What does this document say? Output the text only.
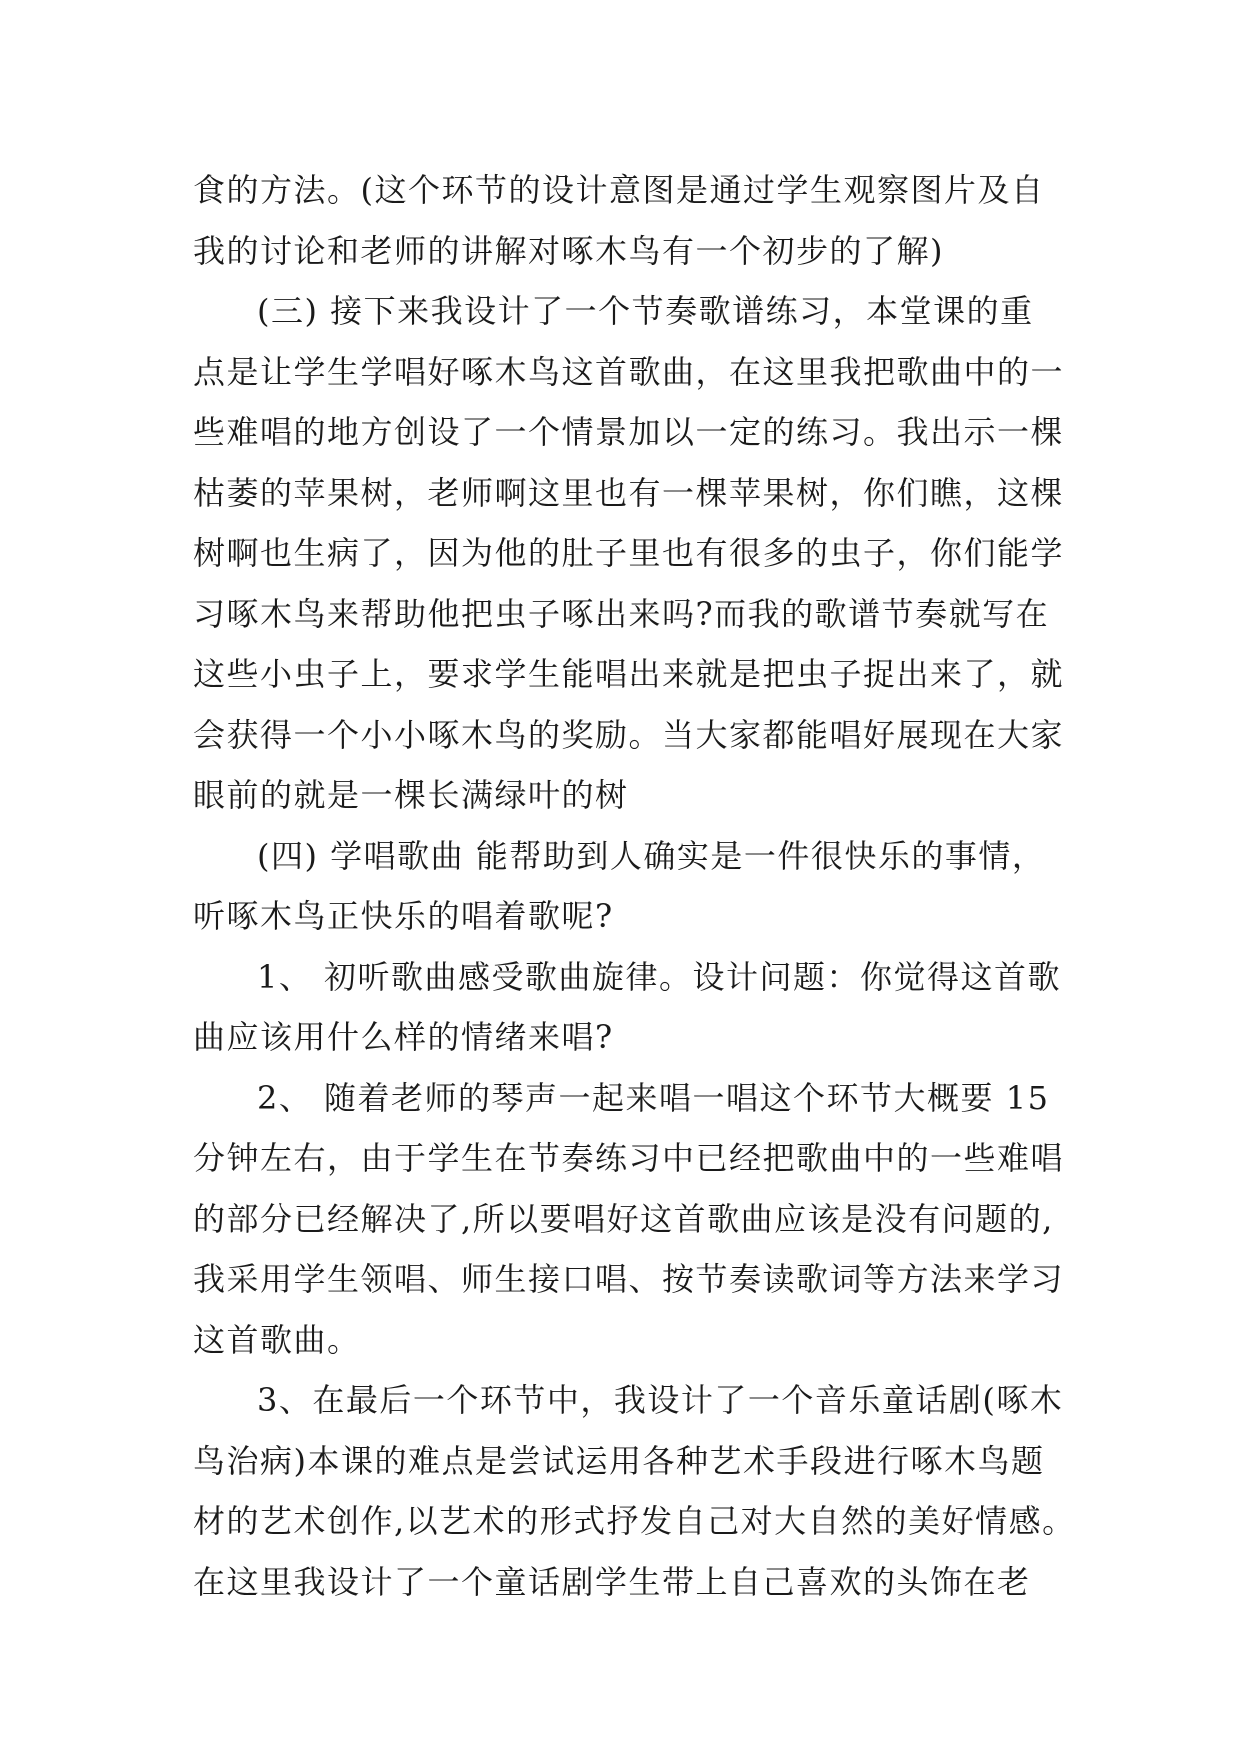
食的方法。(这个环节的设计意图是通过学生观察图片及自
我的讨论和老师的讲解对啄木鸟有一个初步的了解)
(三) 接下来我设计了一个节奏歌谱练习，本堂课的重
点是让学生学唱好啄木鸟这首歌曲，在这里我把歌曲中的一
些难唱的地方创设了一个情景加以一定的练习。我出示一棵
枯萎的苹果树，老师啊这里也有一棵苹果树，你们瞧，这棵
树啊也生病了，因为他的肚子里也有很多的虫子，你们能学
习啄木鸟来帮助他把虫子啄出来吗?而我的歌谱节奏就写在
这些小虫子上，要求学生能唱出来就是把虫子捉出来了，就
会获得一个小小啄木鸟的奖励。当大家都能唱好展现在大家
眼前的就是一棵长满绿叶的树
(四) 学唱歌曲 能帮助到人确实是一件很快乐的事情，
听啄木鸟正快乐的唱着歌呢?
1、 初听歌曲感受歌曲旋律。设计问题：你觉得这首歌
曲应该用什么样的情绪来唱?
2、 随着老师的琴声一起来唱一唱这个环节大概要 15
分钟左右，由于学生在节奏练习中已经把歌曲中的一些难唱
的部分已经解决了,所以要唱好这首歌曲应该是没有问题的,
我采用学生领唱、师生接口唱、按节奏读歌词等方法来学习
这首歌曲。
3、在最后一个环节中，我设计了一个音乐童话剧(啄木
鸟治病)本课的难点是尝试运用各种艺术手段进行啄木鸟题
材的艺术创作,以艺术的形式抒发自己对大自然的美好情感。
在这里我设计了一个童话剧学生带上自己喜欢的头饰在老
